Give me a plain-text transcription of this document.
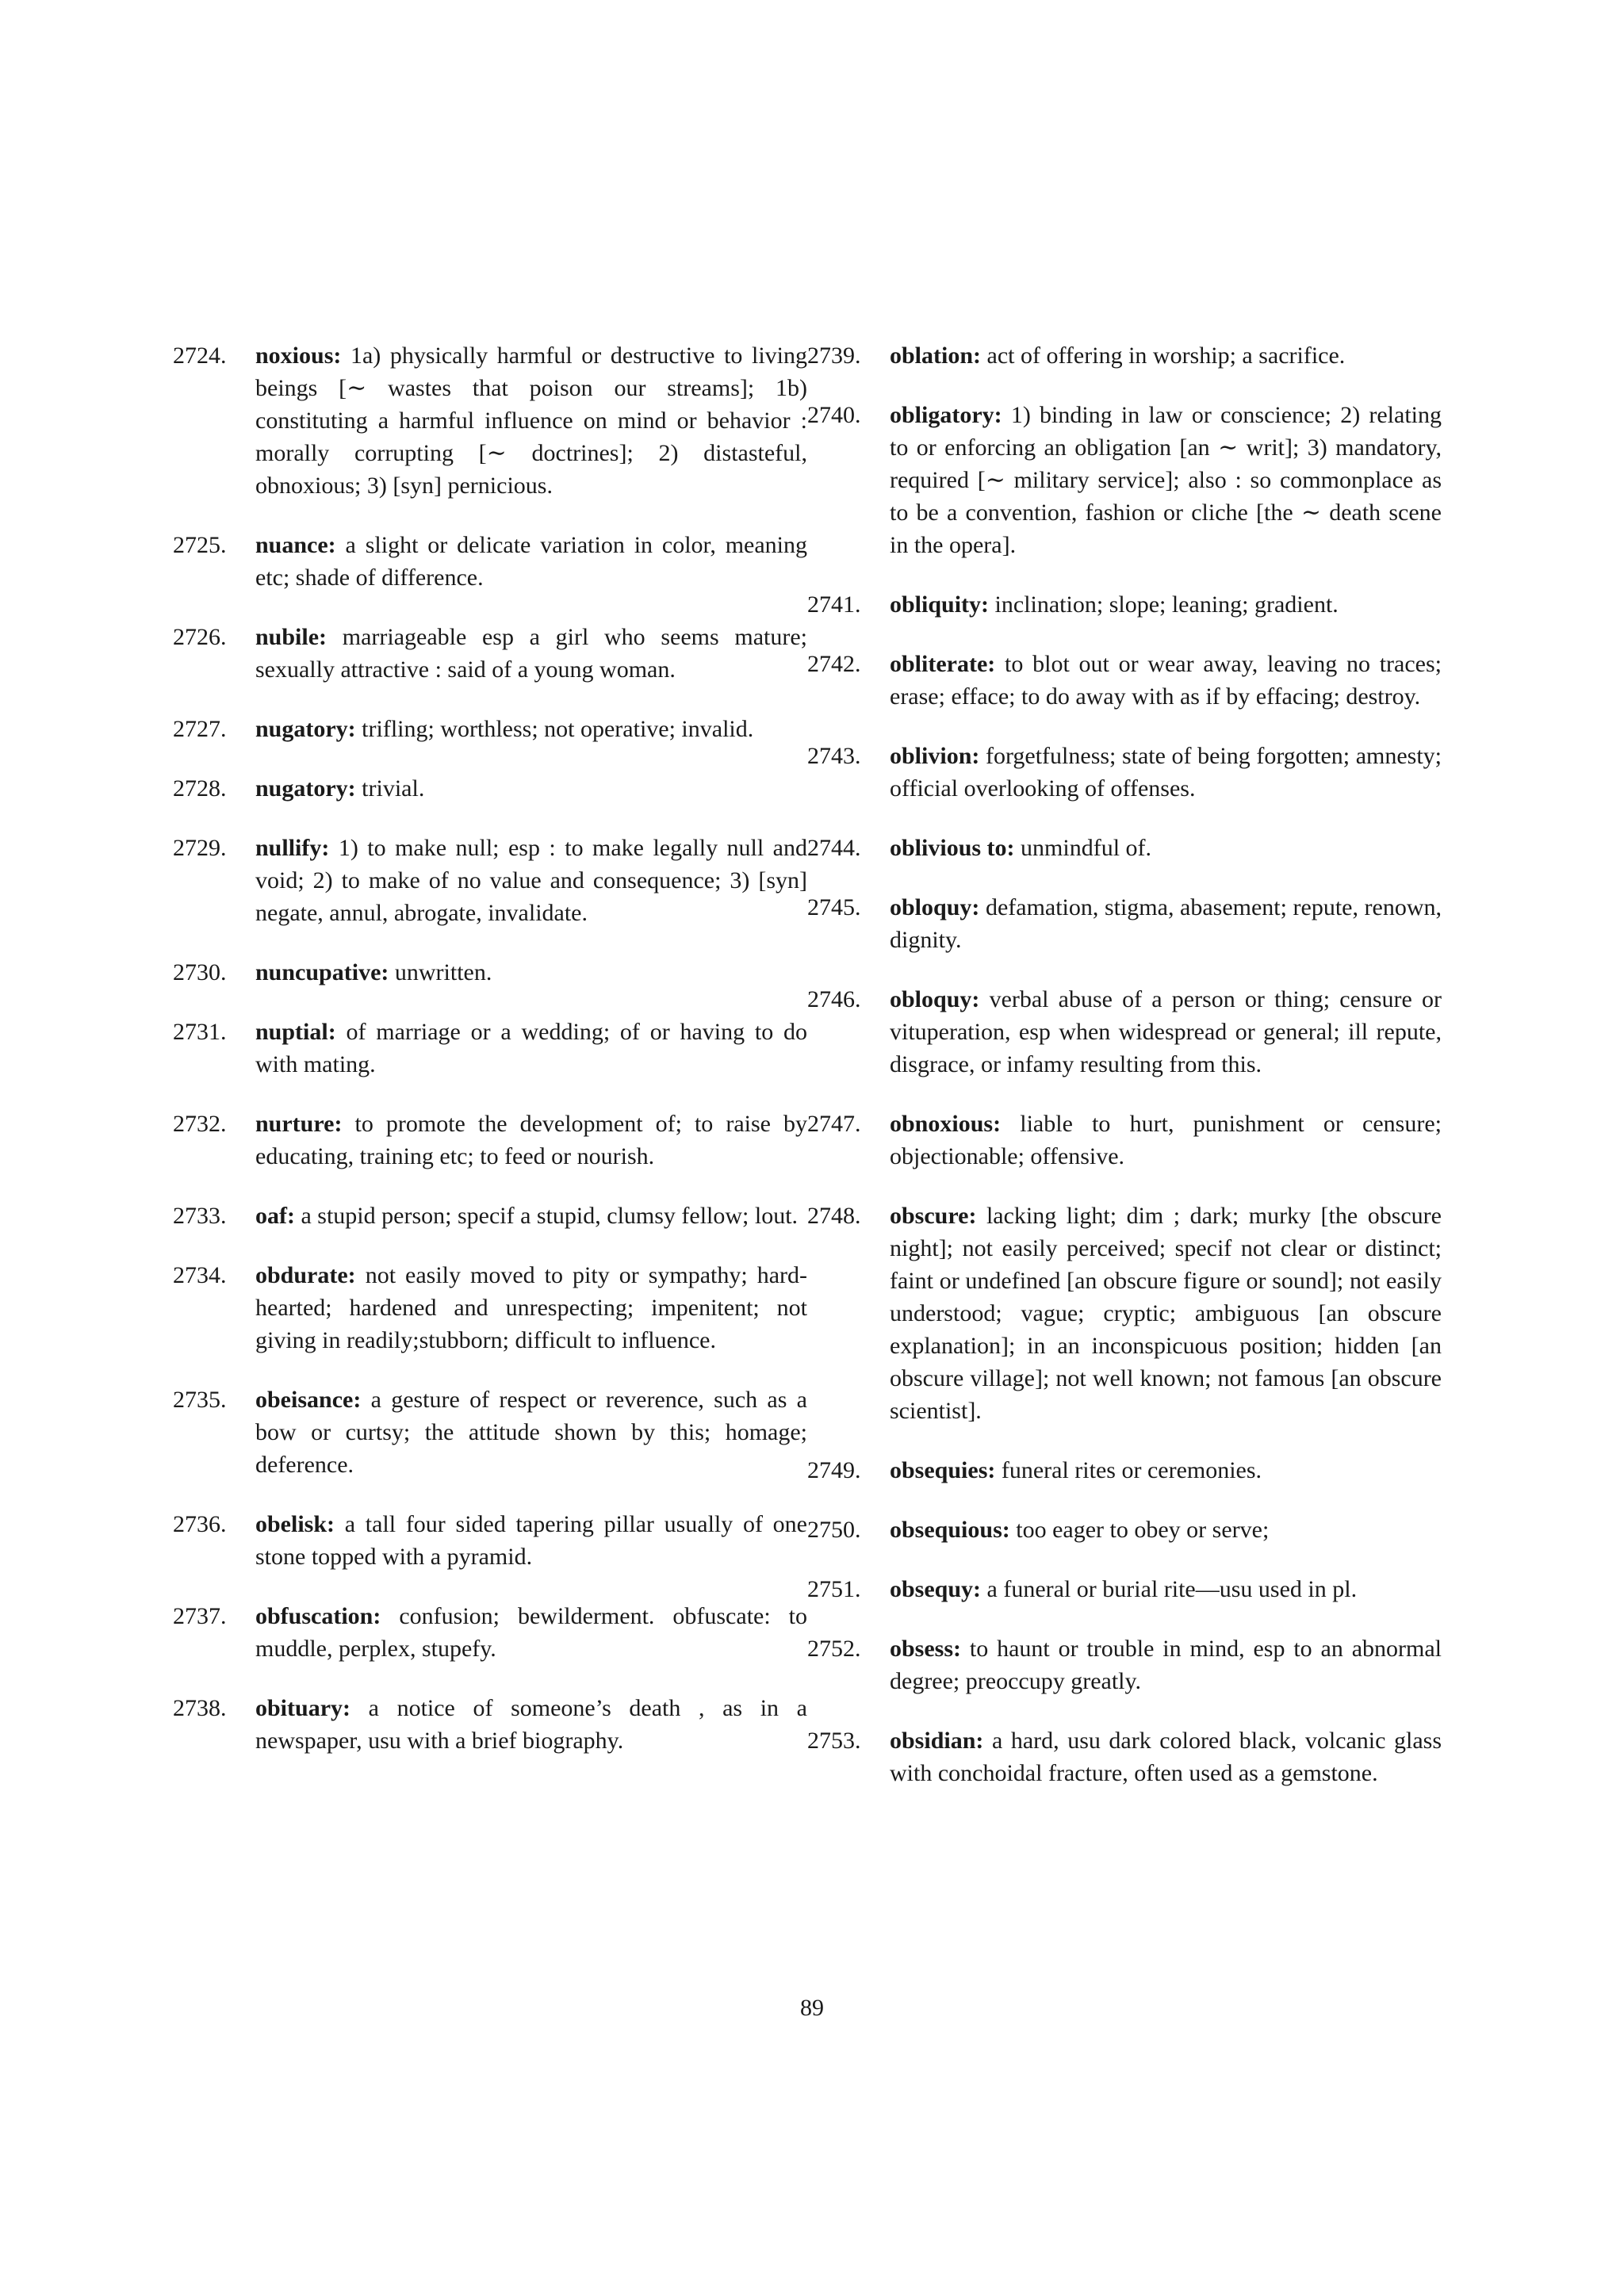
2724.	noxious: 1a) physically harmful or destructive to living beings [∼ wastes that poison our streams]; 1b) constituting a harmful influence on mind or behavior : morally corrupting [∼ doctrines]; 2) distasteful, obnoxious; 3) [syn] pernicious.
2725.	nuance: a slight or delicate variation in color, meaning etc; shade of difference.
2726.	nubile: marriageable esp a girl who seems mature; sexually attractive : said of a young woman.
2727.	nugatory: trifling; worthless; not operative; invalid.
2728.	nugatory: trivial.
2729.	nullify: 1) to make null; esp : to make legally null and void; 2) to make of no value and consequence; 3) [syn] negate, annul, abrogate, invalidate.
2730.	nuncupative: unwritten.
2731.	nuptial: of marriage or a wedding; of or having to do with mating.
2732.	nurture: to promote the development of; to raise by educating, training etc; to feed or nourish.
2733.	oaf: a stupid person; specif a stupid, clumsy fellow; lout.
2734.	obdurate: not easily moved to pity or sympathy; hard-hearted; hardened and unrespecting; impenitent; not giving in readily;stubborn; difficult to influence.
2735.	obeisance: a gesture of respect or reverence, such as a bow or curtsy; the attitude shown by this; homage; deference.
2736.	obelisk: a tall four sided tapering pillar usually of one stone topped with a pyramid.
2737.	obfuscation: confusion; bewilderment. obfuscate: to muddle, perplex, stupefy.
2738.	obituary: a notice of someone’s death , as in a newspaper, usu with a brief biography.
2739.	oblation: act of offering in worship; a sacrifice.
2740.	obligatory: 1) binding in law or conscience; 2) relating to or enforcing an obligation [an ∼ writ]; 3) mandatory, required [∼ military service]; also : so commonplace as to be a convention, fashion or cliche [the ∼ death scene in the opera].
2741.	obliquity: inclination; slope; leaning; gradient.
2742.	obliterate: to blot out or wear away, leaving no traces; erase; efface; to do away with as if by effacing; destroy.
2743.	oblivion: forgetfulness; state of being forgotten; amnesty; official overlooking of offenses.
2744.	oblivious to: unmindful of.
2745.	obloquy: defamation, stigma, abasement; repute, renown, dignity.
2746.	obloquy: verbal abuse of a person or thing; censure or vituperation, esp when widespread or general; ill repute, disgrace, or infamy resulting from this.
2747.	obnoxious: liable to hurt, punishment or censure; objectionable; offensive.
2748.	obscure: lacking light; dim ; dark; murky [the obscure night]; not easily perceived; specif not clear or distinct; faint or undefined [an obscure figure or sound]; not easily understood; vague; cryptic; ambiguous [an obscure explanation]; in an inconspicuous position; hidden [an obscure village]; not well known; not famous [an obscure scientist].
2749.	obsequies: funeral rites or ceremonies.
2750.	obsequious: too eager to obey or serve;
2751.	obsequy: a funeral or burial rite—usu used in pl.
2752.	obsess: to haunt or trouble in mind, esp to an abnormal degree; preoccupy greatly.
2753.	obsidian: a hard, usu dark colored black, volcanic glass with conchoidal fracture, often used as a gemstone.
89
